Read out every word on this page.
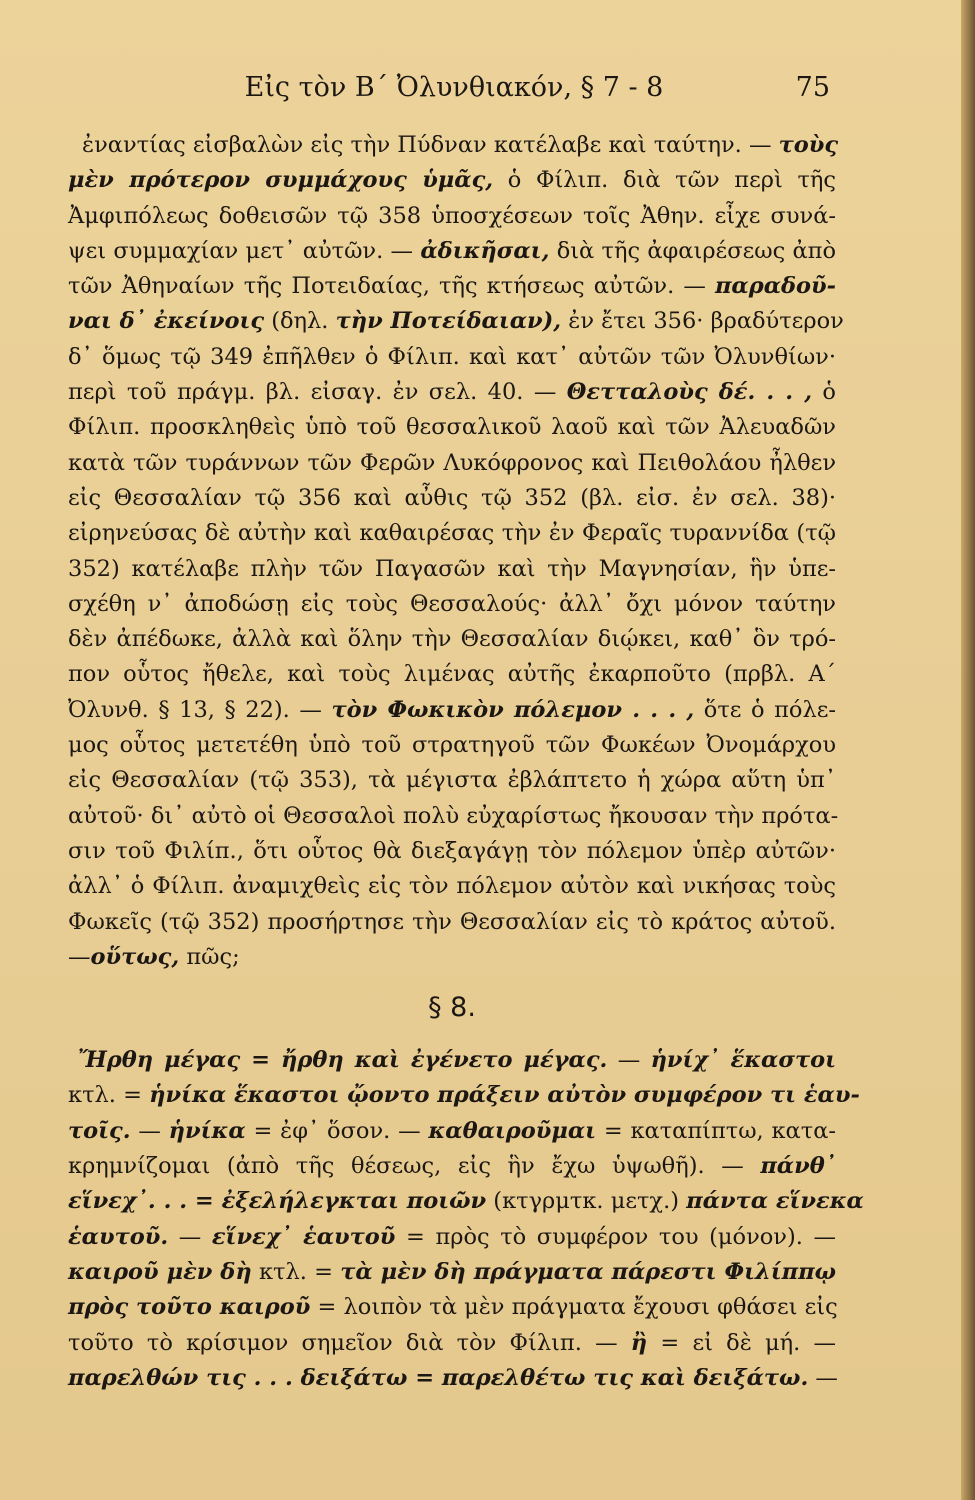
Εἰς τὸν Β΄ Ὀλυνθιακόν, § 7 - 8	75
ἐναντίας εἰσβαλὼν εἰς τὴν Πύδναν κατέλαβε καὶ ταύτην. — τοὺς
μὲν πρότερον συμμάχους ὑμᾶς, ὁ Φίλιπ. διὰ τῶν περὶ τῆς
Ἀμφιπόλεως δοθεισῶν τῷ 358 ὑποσχέσεων τοῖς Ἀθην. εἶχε συνά-
ψει συμμαχίαν μετ᾿ αὐτῶν. — ἀδικῆσαι, διὰ τῆς ἀφαιρέσεως ἀπὸ
τῶν Ἀθηναίων τῆς Ποτειδαίας, τῆς κτήσεως αὐτῶν. — παραδοῦ-
ναι δ᾿ ἐκείνοις (δηλ. τὴν Ποτείδαιαν), ἐν ἔτει 356· βραδύτερον
δ᾿ ὅμως τῷ 349 ἐπῆλθεν ὁ Φίλιπ. καὶ κατ᾿ αὐτῶν τῶν Ὀλυνθίων·
περὶ τοῦ πράγμ. βλ. εἰσαγ. ἐν σελ. 40. — Θετταλοὺς δέ. . . , ὁ
Φίλιπ. προσκληθεὶς ὑπὸ τοῦ θεσσαλικοῦ λαοῦ καὶ τῶν Ἀλευαδῶν
κατὰ τῶν τυράννων τῶν Φερῶν Λυκόφρονος καὶ Πειθολάου ἦλθεν
εἰς Θεσσαλίαν τῷ 356 καὶ αὖθις τῷ 352 (βλ. εἰσ. ἐν σελ. 38)·
εἰρηνεύσας δὲ αὐτὴν καὶ καθαιρέσας τὴν ἐν Φεραῖς τυραννίδα (τῷ
352) κατέλαβε πλὴν τῶν Παγασῶν καὶ τὴν Μαγνησίαν, ἣν ὑπε-
σχέθη ν᾿ ἀποδώσῃ εἰς τοὺς Θεσσαλούς· ἀλλ᾿ ὄχι μόνον ταύτην
δὲν ἀπέδωκε, ἀλλὰ καὶ ὅλην τὴν Θεσσαλίαν διῴκει, καθ᾿ ὃν τρό-
πον οὗτος ἤθελε, καὶ τοὺς λιμένας αὐτῆς ἐκαρποῦτο (πρβλ. Α΄
Ὀλυνθ. § 13, § 22). — τὸν Φωκικὸν πόλεμον . . . , ὅτε ὁ πόλε-
μος οὗτος μετετέθη ὑπὸ τοῦ στρατηγοῦ τῶν Φωκέων Ὀνομάρχου
εἰς Θεσσαλίαν (τῷ 353), τὰ μέγιστα ἐβλάπτετο ἡ χώρα αὕτη ὑπ᾿
αὐτοῦ· δι᾿ αὐτὸ οἱ Θεσσαλοὶ πολὺ εὐχαρίστως ἤκουσαν τὴν πρότα-
σιν τοῦ Φιλίπ., ὅτι οὗτος θὰ διεξαγάγῃ τὸν πόλεμον ὑπὲρ αὐτῶν·
ἀλλ᾿ ὁ Φίλιπ. ἀναμιχθεὶς εἰς τὸν πόλεμον αὐτὸν καὶ νικήσας τοὺς
Φωκεῖς (τῷ 352) προσήρτησε τὴν Θεσσαλίαν εἰς τὸ κράτος αὐτοῦ.
—οὕτως, πῶς;
§ 8.
Ἤρθη μέγας = ἤρθη καὶ ἐγένετο μέγας. — ἡνίχ᾿ ἕκαστοι
κτλ. = ἡνίκα ἕκαστοι ᾤοντο πράξειν αὐτὸν συμφέρον τι ἑαυ-
τοῖς. — ἡνίκα = ἐφ᾿ ὅσον. — καθαιροῦμαι = καταπίπτω, κατα-
κρημνίζομαι (ἀπὸ τῆς θέσεως, εἰς ἣν ἔχω ὑψωθῆ). — πάνθ᾿
εἵνεχ᾿. . . = ἐξελήλεγκται ποιῶν (κτγρμτκ. μετχ.) πάντα εἵνεκα
ἑαυτοῦ. — εἵνεχ᾿ ἑαυτοῦ = πρὸς τὸ συμφέρον του (μόνον). —
καιροῦ μὲν δὴ κτλ. = τὰ μὲν δὴ πράγματα πάρεστι Φιλίππῳ
πρὸς τοῦτο καιροῦ = λοιπὸν τὰ μὲν πράγματα ἔχουσι φθάσει εἰς
τοῦτο τὸ κρίσιμον σημεῖον διὰ τὸν Φίλιπ. — ἢ = εἰ δὲ μή. —
παρελθών τις . . . δειξάτω = παρελθέτω τις καὶ δειξάτω. —
